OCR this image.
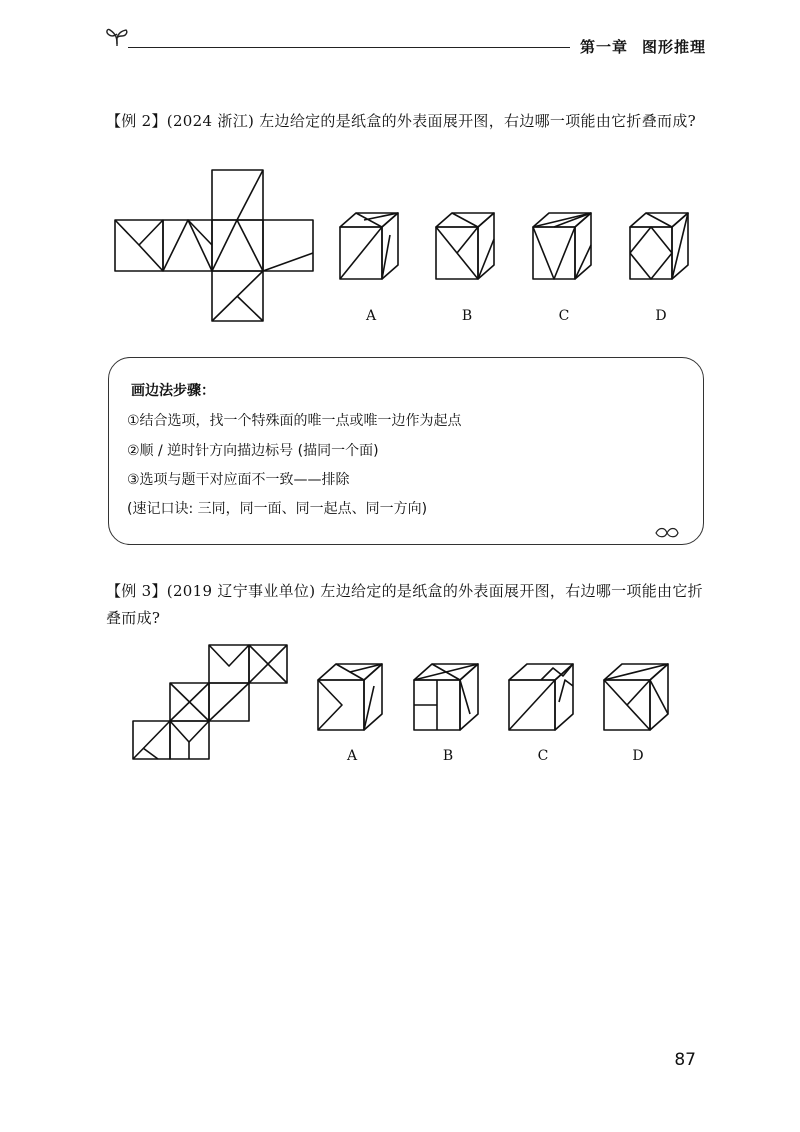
第一章 图形推理
【例 2】(2024 浙江) 左边给定的是纸盒的外表面展开图，右边哪一项能由它折叠而成?
A	B	C	D
画边法步骤：
①结合选项，找一个特殊面的唯一点或唯一边作为起点
②顺 / 逆时针方向描边标号 (描同一个面)
③选项与题干对应面不一致——排除
(速记口诀: 三同，同一面、同一起点、同一方向)
【例 3】(2019 辽宁事业单位) 左边给定的是纸盒的外表面展开图，右边哪一项能由它折叠而成?
A	B	C	D
87
